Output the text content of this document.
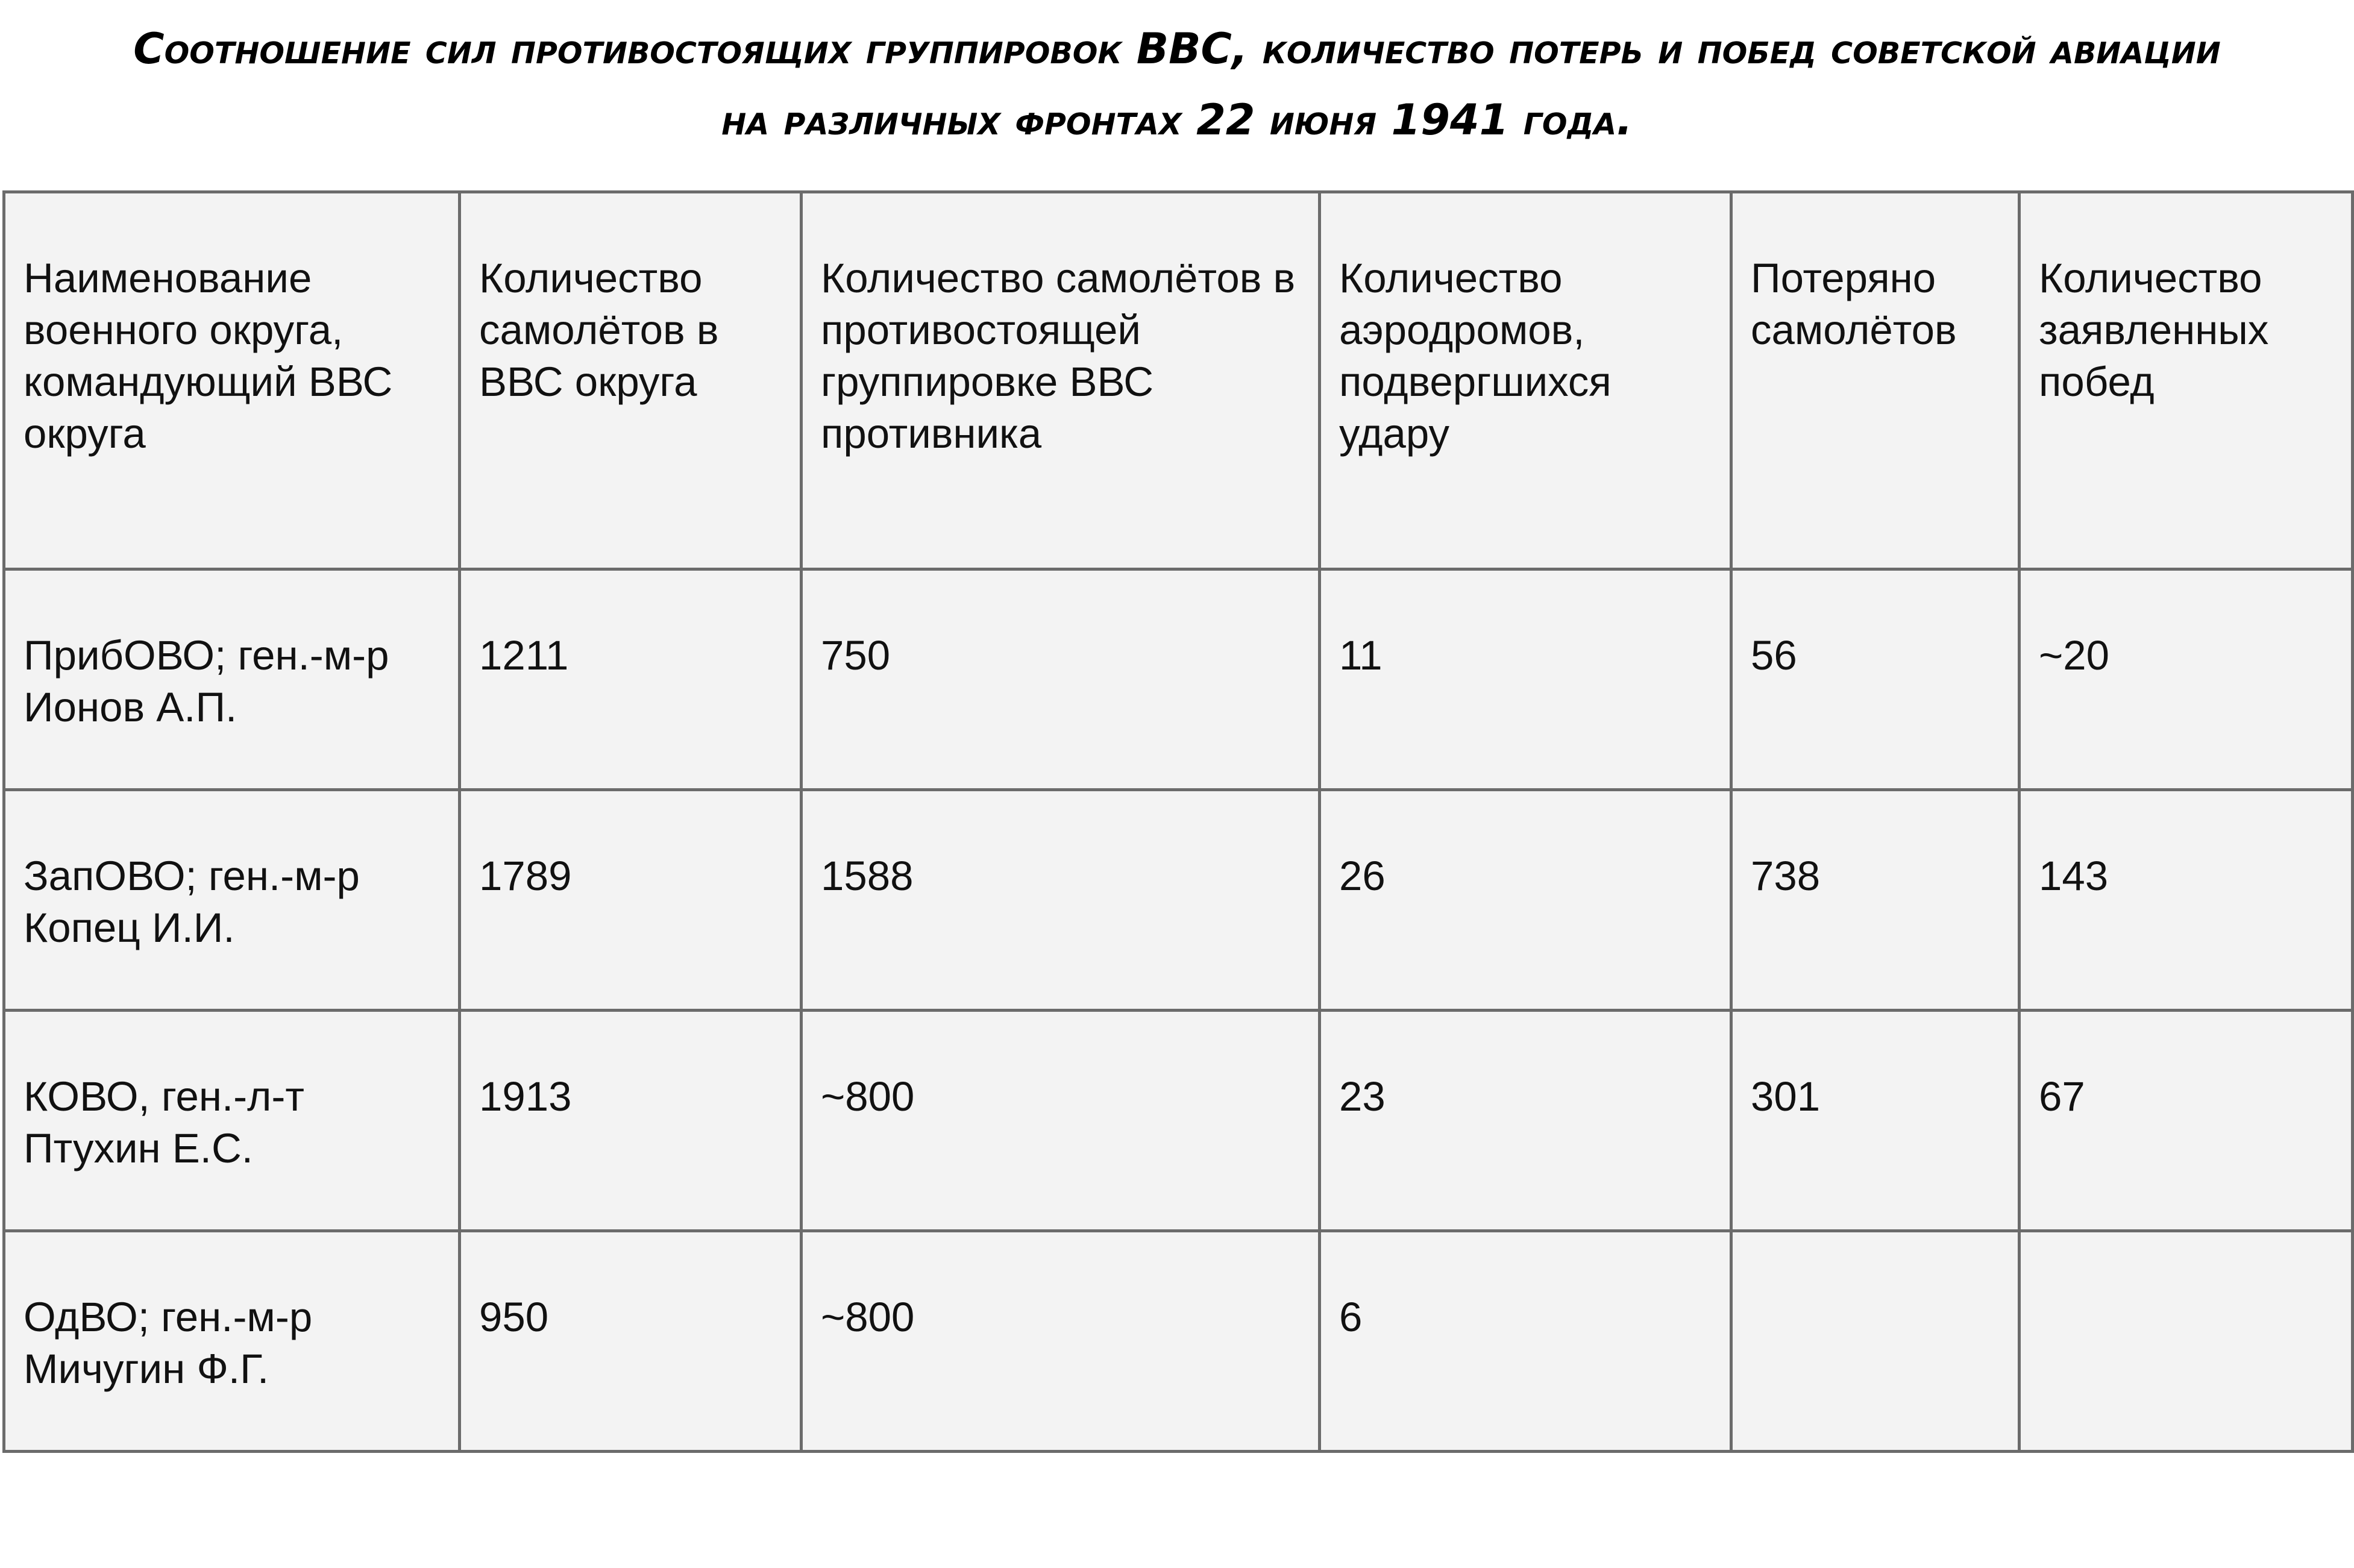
Соотношение сил противостоящих группировок ВВС, количество потерь и побед советской авиации
на различных фронтах 22 июня 1941 года.
Наименование военного округа, командующий ВВС округа	Количество самолётов в ВВС округа	Количество самолётов в противостоящей группировке ВВС противника	Количество аэродромов, подвергшихся удару	Потеряно самолётов	Количество заявленных побед
ПрибОВО; ген.-м-р Ионов А.П.	1211	750	11	56	~20
ЗапОВО; ген.-м-р Копец И.И.	1789	1588	26	738	143
КОВО, ген.-л-т Птухин Е.С.	1913	~800	23	301	67
ОдВО; ген.-м-р Мичугин Ф.Г.	950	~800	6		
